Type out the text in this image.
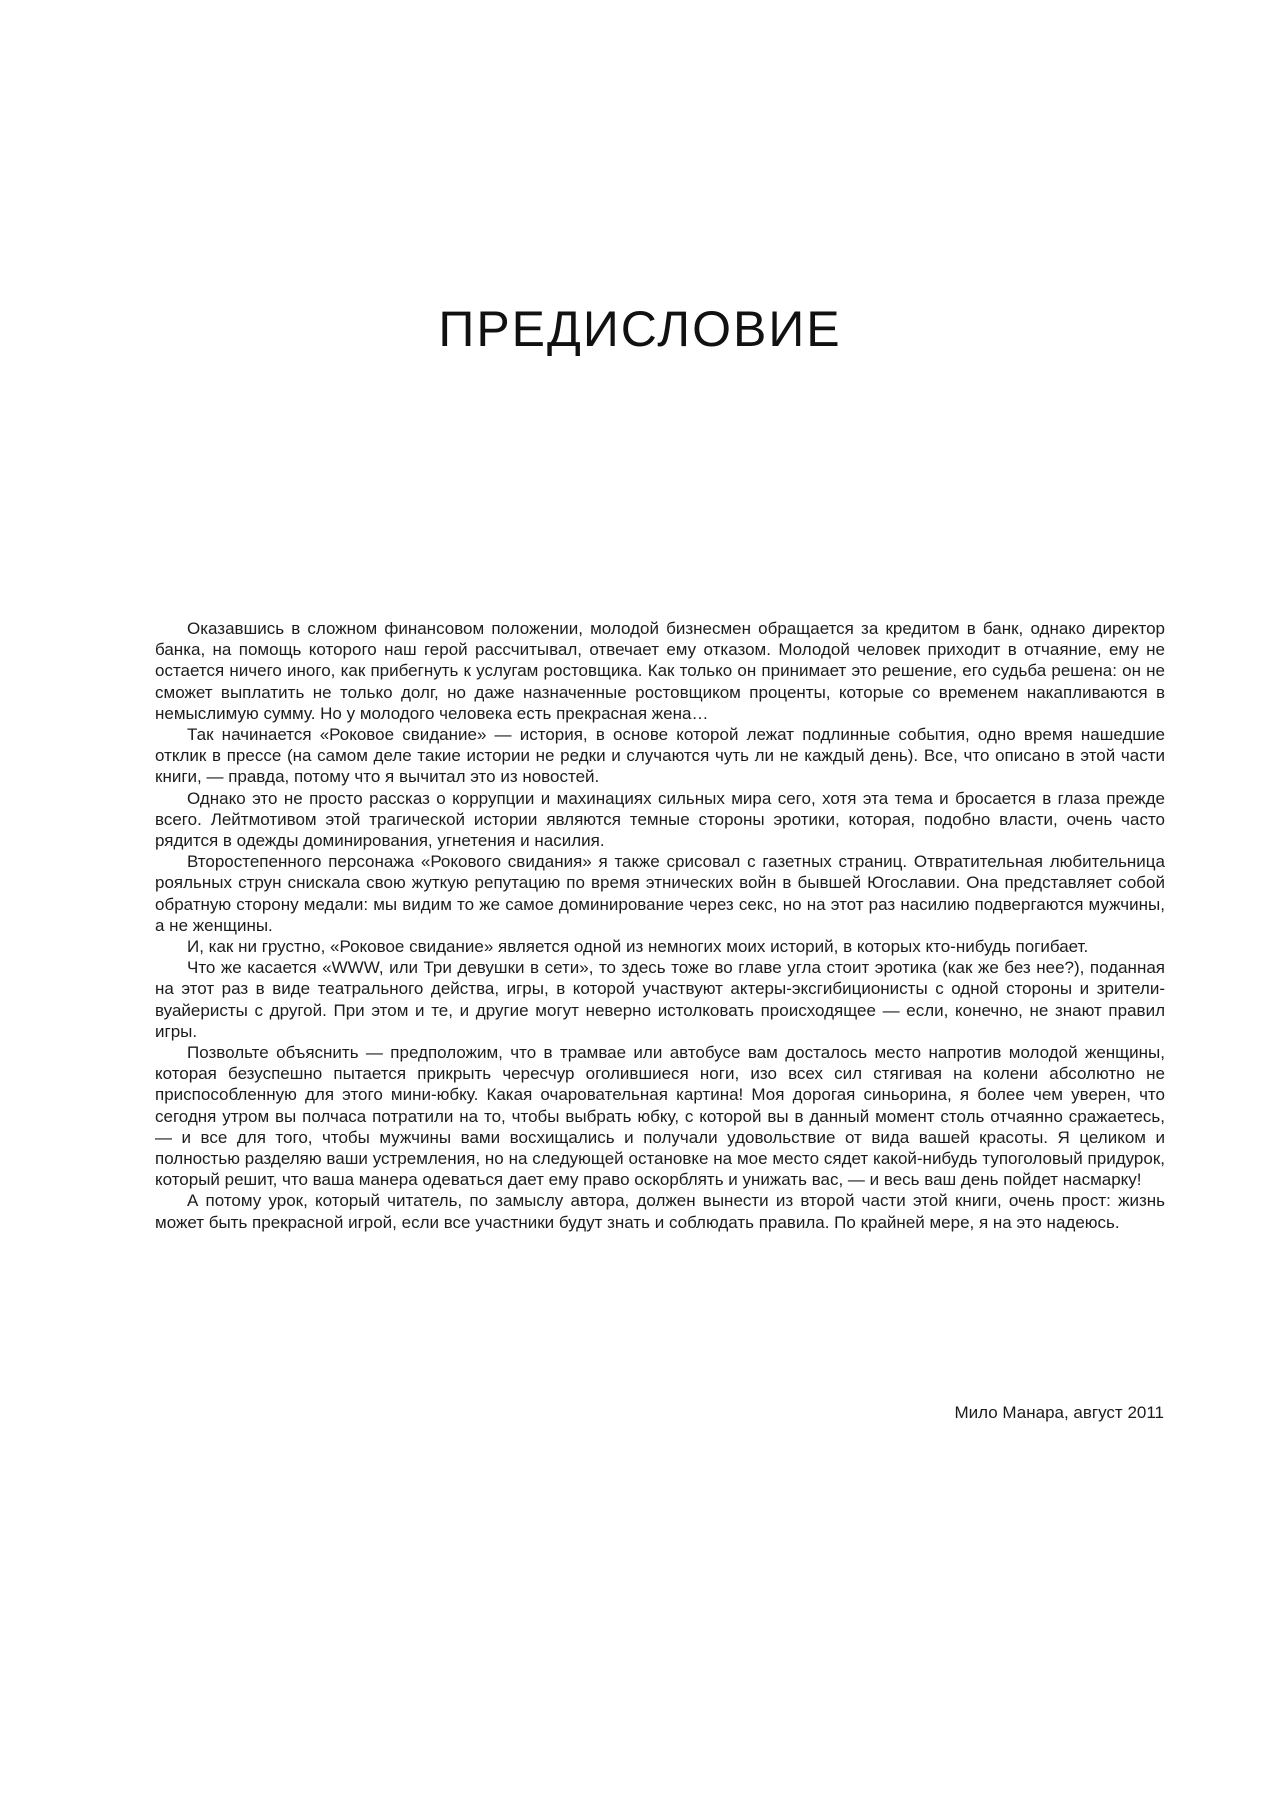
ПРЕДИСЛОВИЕ

Оказавшись в сложном финансовом положении, молодой бизнесмен обращается за кредитом в банк, однако директор банка, на помощь которого наш герой рассчитывал, отвечает ему отказом. Молодой человек приходит в отчаяние, ему не остается ничего иного, как прибегнуть к услугам ростовщика. Как только он принимает это решение, его судьба решена: он не сможет выплатить не только долг, но даже назначенные ростовщиком проценты, которые со временем накапливаются в немыслимую сумму. Но у молодого человека есть прекрасная жена…

Так начинается «Роковое свидание» — история, в основе которой лежат подлинные события, одно время нашедшие отклик в прессе (на самом деле такие истории не редки и случаются чуть ли не каждый день). Все, что описано в этой части книги, — правда, потому что я вычитал это из новостей.

Однако это не просто рассказ о коррупции и махинациях сильных мира сего, хотя эта тема и бросается в глаза прежде всего. Лейтмотивом этой трагической истории являются темные стороны эротики, которая, подобно власти, очень часто рядится в одежды доминирования, угнетения и насилия.

Второстепенного персонажа «Рокового свидания» я также срисовал с газетных страниц. Отвратительная любительница рояльных струн снискала свою жуткую репутацию по время этнических войн в бывшей Югославии. Она представляет собой обратную сторону медали: мы видим то же самое доминирование через секс, но на этот раз насилию подвергаются мужчины, а не женщины.

И, как ни грустно, «Роковое свидание» является одной из немногих моих историй, в которых кто-нибудь погибает.

Что же касается «WWW, или Три девушки в сети», то здесь тоже во главе угла стоит эротика (как же без нее?), поданная на этот раз в виде театрального действа, игры, в которой участвуют актеры-эксгибиционисты с одной стороны и зрители-вуайеристы с другой. При этом и те, и другие могут неверно истолковать происходящее — если, конечно, не знают правил игры.

Позвольте объяснить — предположим, что в трамвае или автобусе вам досталось место напротив молодой женщины, которая безуспешно пытается прикрыть чересчур оголившиеся ноги, изо всех сил стягивая на колени абсолютно не приспособленную для этого мини-юбку. Какая очаровательная картина! Моя дорогая синьорина, я более чем уверен, что сегодня утром вы полчаса потратили на то, чтобы выбрать юбку, с которой вы в данный момент столь отчаянно сражаетесь, — и все для того, чтобы мужчины вами восхищались и получали удовольствие от вида вашей красоты. Я целиком и полностью разделяю ваши устремления, но на следующей остановке на мое место сядет какой-нибудь тупоголовый придурок, который решит, что ваша манера одеваться дает ему право оскорблять и унижать вас, — и весь ваш день пойдет насмарку!

А потому урок, который читатель, по замыслу автора, должен вынести из второй части этой книги, очень прост: жизнь может быть прекрасной игрой, если все участники будут знать и соблюдать правила. По крайней мере, я на это надеюсь.

Мило Манара, август 2011
